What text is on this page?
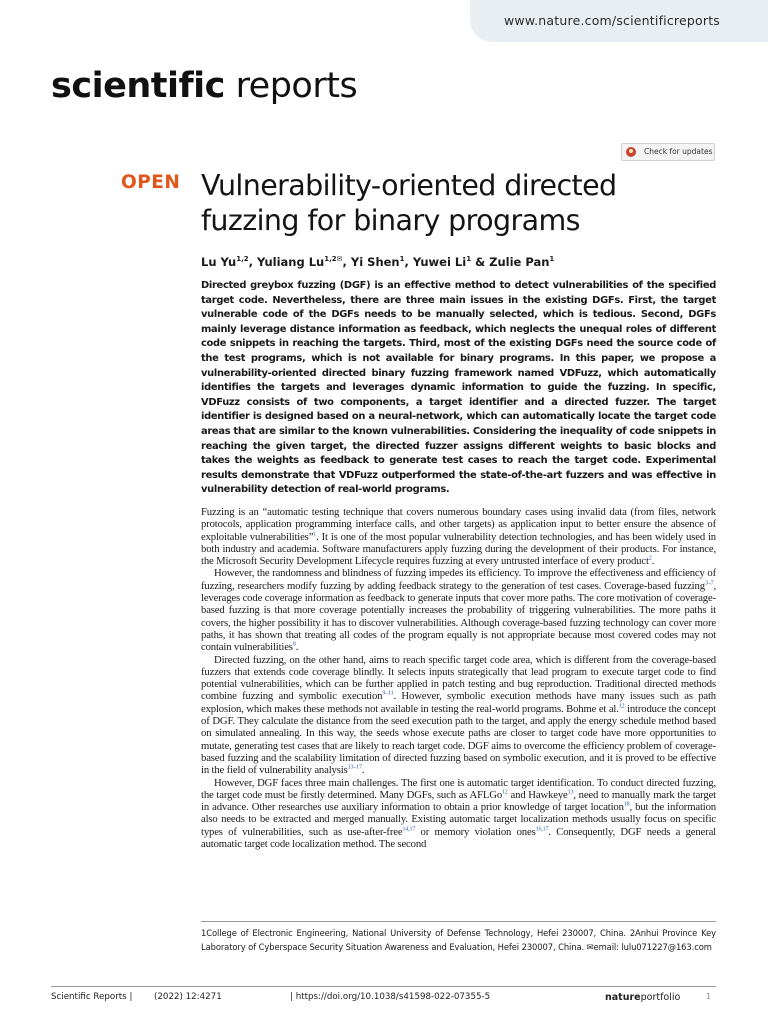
www.nature.com/scientificreports
scientific reports
Check for updates
OPEN Vulnerability-oriented directed fuzzing for binary programs
Lu Yu$^{1,2}$, Yuliang $Lu^{1,2✉}$, Yi Shen$^1$, Yuwei Li$^1$ & Zulie Pan$^1$

Directed greybox fuzzing (DGF) is an effective method to detect vulnerabilities of the specified target code. Nevertheless, there are three main issues in the existing DGFs. First, the target vulnerable code of the DGFs needs to be manually selected, which is tedious. Second, DGFs mainly leverage distance information as feedback, which neglects the unequal roles of different code snippets in reaching the targets. Third, most of the existing DGFs need the source code of the test programs, which is not available for binary programs. In this paper, we propose a vulnerability-oriented directed binary fuzzing framework named VDFuzz, which automatically identifies the targets and leverages dynamic information to guide the fuzzing. In specific, VDFuzz consists of two components, a target identifier and a directed fuzzer. The target identifier is designed based on a neural-network, which can automatically locate the target code areas that are similar to the known vulnerabilities. Considering the inequality of code snippets in reaching the given target, the directed fuzzer assigns different weights to basic blocks and takes the weights as feedback to generate test cases to reach the target code. Experimental results demonstrate that VDFuzz outperformed the state-of-the-art fuzzers and was effective in vulnerability detection of real-world programs.

Fuzzing is an “automatic testing technique that covers numerous boundary cases using invalid data (from files, network protocols, application programming interface calls, and other targets) as application input to better ensure the absence of exploitable vulnerabilities”$^1$. It is one of the most popular vulnerability detection technologies, and has been widely used in both industry and academia. Software manufacturers apply fuzzing during the development of their products. For instance, the Microsoft Security Development Lifecycle requires fuzzing at every untrusted interface of every product$^2$.

However, the randomness and blindness of fuzzing impedes its efficiency. To improve the effectiveness and efficiency of fuzzing, researchers modify fuzzing by adding feedback strategy to the generation of test cases. Coverage-based fuzzing$^{3-7}$, leverages code coverage information as feedback to generate inputs that cover more paths. The core motivation of coverage-based fuzzing is that more coverage potentially increases the probability of triggering vulnerabilities. The more paths it covers, the higher possibility it has to discover vulnerabilities. Although coverage-based fuzzing technology can cover more paths, it has shown that treating all codes of the program equally is not appropriate because most covered codes may not contain vulnerabilities$^8$.

Directed fuzzing, on the other hand, aims to reach specific target code area, which is different from the coverage-based fuzzers that extends code coverage blindly. It selects inputs strategically that lead program to execute target code to find potential vulnerabilities, which can be further applied in patch testing and bug reproduction. Traditional directed methods combine fuzzing and symbolic execution$^{9-11}$. However, symbolic execution methods have many issues such as path explosion, which makes these methods not available in testing the real-world programs. Bohme et al.$^{12}$ introduce the concept of DGF. They calculate the distance from the seed execution path to the target, and apply the energy schedule method based on simulated annealing. In this way, the seeds whose execute paths are closer to target code have more opportunities to mutate, generating test cases that are likely to reach target code. DGF aims to overcome the efficiency problem of coverage-based fuzzing and the scalability limitation of directed fuzzing based on symbolic execution, and it is proved to be effective in the field of vulnerability analysis$^{13-17}$.

However, DGF faces three main challenges. The first one is automatic target identification. To conduct directed fuzzing, the target code must be firstly determined. Many DGFs, such as AFLGo$^{12}$ and Hawkeye$^{13}$, need to manually mark the target in advance. Other researches use auxiliary information to obtain a prior knowledge of target location$^{18}$, but the information also needs to be extracted and merged manually. Existing automatic target localization methods usually focus on specific types of vulnerabilities, such as use-after-free$^{14,17}$ or memory violation ones$^{16,17}$. Consequently, DGF needs a general automatic target code localization method. The second

1College of Electronic Engineering, National University of Defense Technology, Hefei 230007, China. 2Anhui Province Key Laboratory of Cyberspace Security Situation Awareness and Evaluation, Hefei 230007, China. ✉email: lulu071227@163.com

Scientific Reports | (2022) 12:4271	| https://doi.org/10.1038/s41598-022-07355-5	natureportfolio	1
